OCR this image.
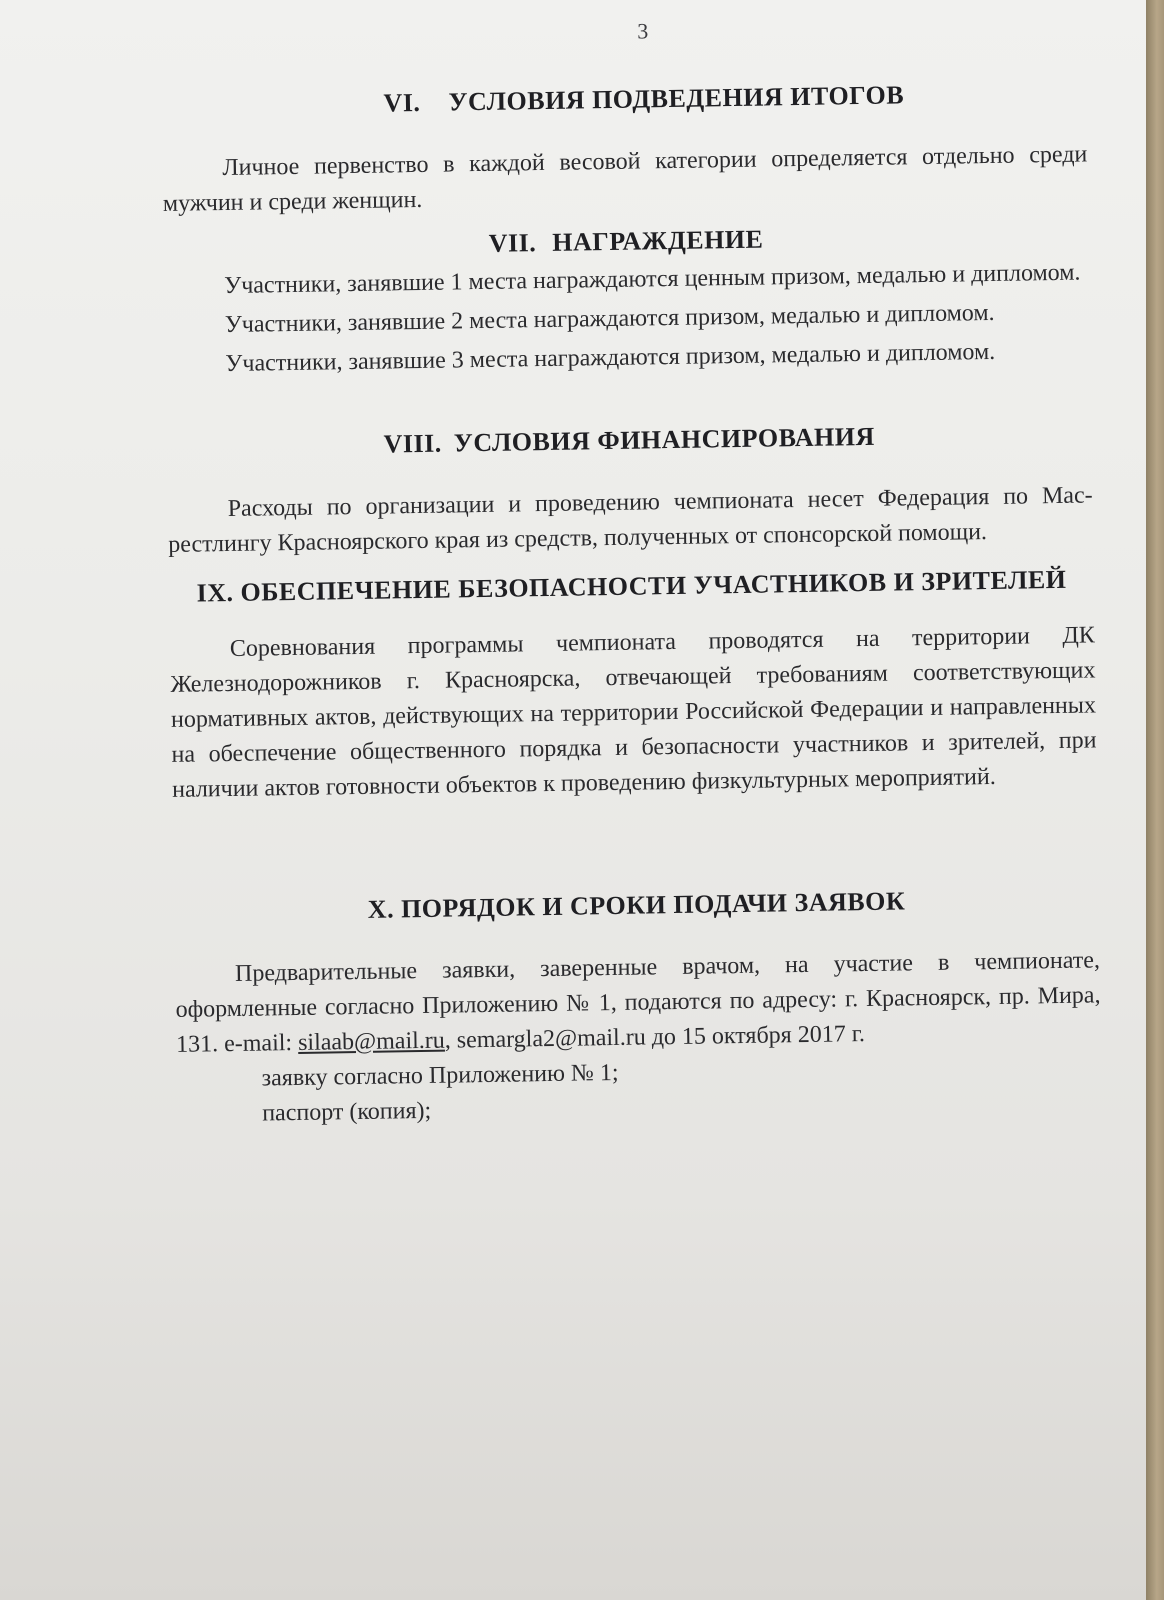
3
VI. УСЛОВИЯ ПОДВЕДЕНИЯ ИТОГОВ

Личное первенство в каждой весовой категории определяется отдельно среди мужчин и среди женщин.

VII. НАГРАЖДЕНИЕ

Участники, занявшие 1 места награждаются ценным призом, медалью и дипломом.

Участники, занявшие 2 места награждаются призом, медалью и дипломом.

Участники, занявшие 3 места награждаются призом, медалью и дипломом.

VIII. УСЛОВИЯ ФИНАНСИРОВАНИЯ

Расходы по организации и проведению чемпионата несет Федерация по Мас-рестлингу Красноярского края из средств, полученных от спонсорской помощи.

IX. ОБЕСПЕЧЕНИЕ БЕЗОПАСНОСТИ УЧАСТНИКОВ И ЗРИТЕЛЕЙ

Соревнования программы чемпионата проводятся на территории ДК Железнодорожников г. Красноярска, отвечающей требованиям соответствующих нормативных актов, действующих на территории Российской Федерации и направленных на обеспечение общественного порядка и безопасности участников и зрителей, при наличии актов готовности объектов к проведению физкультурных мероприятий.

X. ПОРЯДОК И СРОКИ ПОДАЧИ ЗАЯВОК

Предварительные заявки, заверенные врачом, на участие в чемпионате, оформленные согласно Приложению № 1, подаются по адресу: г. Красноярск, пр. Мира, 131. e-mail: silaab@mail.ru, semargla2@mail.ru до 15 октября 2017 г.

заявку согласно Приложению № 1;
паспорт (копия);
